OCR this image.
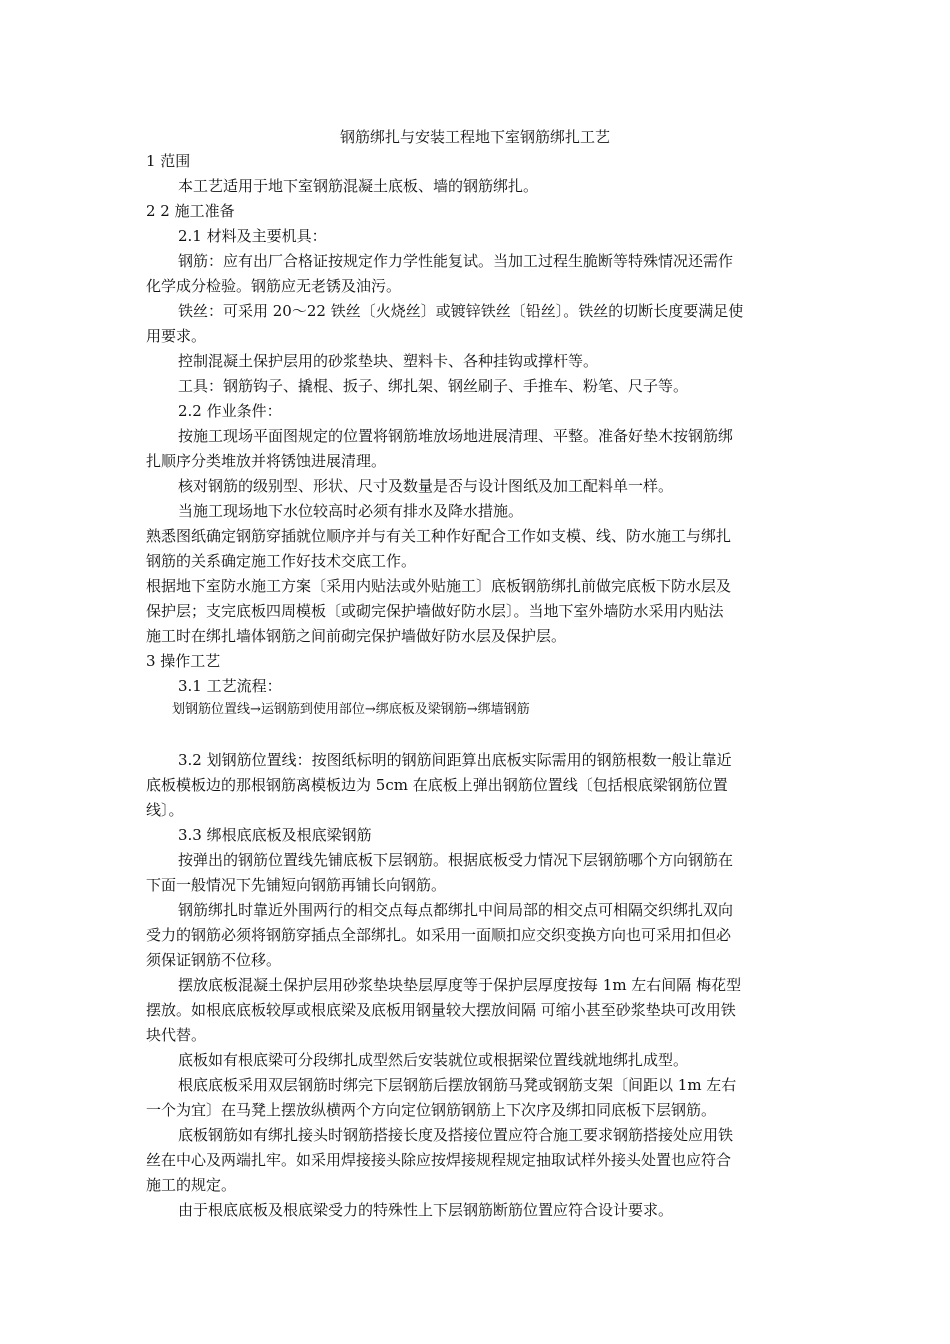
钢筋绑扎与安装工程地下室钢筋绑扎工艺
1 范围
本工艺适用于地下室钢筋混凝土底板、墙的钢筋绑扎。
2 2 施工准备
2.1 材料及主要机具：
钢筋：应有出厂合格证按规定作力学性能复试。当加工过程生脆断等特殊情况还需作
化学成分检验。钢筋应无老锈及油污。
铁丝：可采用 20～22 铁丝〔火烧丝〕或镀锌铁丝〔铅丝〕。铁丝的切断长度要满足使
用要求。
控制混凝土保护层用的砂浆垫块、塑料卡、各种挂钩或撑杆等。
工具：钢筋钩子、撬棍、扳子、绑扎架、钢丝刷子、手推车、粉笔、尺子等。
2.2 作业条件：
按施工现场平面图规定的位置将钢筋堆放场地进展清理、平整。准备好垫木按钢筋绑
扎顺序分类堆放并将锈蚀进展清理。
核对钢筋的级别型、形状、尺寸及数量是否与设计图纸及加工配料单一样。
当施工现场地下水位较高时必须有排水及降水措施。
熟悉图纸确定钢筋穿插就位顺序并与有关工种作好配合工作如支模、线、防水施工与绑扎
钢筋的关系确定施工作好技术交底工作。
根据地下室防水施工方案〔采用内贴法或外贴施工〕底板钢筋绑扎前做完底板下防水层及
保护层；支完底板四周模板〔或砌完保护墙做好防水层〕。当地下室外墙防水采用内贴法
施工时在绑扎墙体钢筋之间前砌完保护墙做好防水层及保护层。
3 操作工艺
3.1 工艺流程：
划钢筋位置线→运钢筋到使用部位→绑底板及梁钢筋→绑墙钢筋
3.2 划钢筋位置线：按图纸标明的钢筋间距算出底板实际需用的钢筋根数一般让靠近
底板模板边的那根钢筋离模板边为 5cm 在底板上弹出钢筋位置线〔包括根底梁钢筋位置
线〕。
3.3 绑根底底板及根底梁钢筋
按弹出的钢筋位置线先铺底板下层钢筋。根据底板受力情况下层钢筋哪个方向钢筋在
下面一般情况下先铺短向钢筋再铺长向钢筋。
钢筋绑扎时靠近外围两行的相交点每点都绑扎中间局部的相交点可相隔交织绑扎双向
受力的钢筋必须将钢筋穿插点全部绑扎。如采用一面顺扣应交织变换方向也可采用扣但必
须保证钢筋不位移。
摆放底板混凝土保护层用砂浆垫块垫层厚度等于保护层厚度按每 1m 左右间隔 梅花型
摆放。如根底底板较厚或根底梁及底板用钢量较大摆放间隔 可缩小甚至砂浆垫块可改用铁
块代替。
底板如有根底梁可分段绑扎成型然后安装就位或根据梁位置线就地绑扎成型。
根底底板采用双层钢筋时绑完下层钢筋后摆放钢筋马凳或钢筋支架〔间距以 1m 左右
一个为宜〕在马凳上摆放纵横两个方向定位钢筋钢筋上下次序及绑扣同底板下层钢筋。
底板钢筋如有绑扎接头时钢筋搭接长度及搭接位置应符合施工要求钢筋搭接处应用铁
丝在中心及两端扎牢。如采用焊接接头除应按焊接规程规定抽取试样外接头处置也应符合
施工的规定。
由于根底底板及根底梁受力的特殊性上下层钢筋断筋位置应符合设计要求。
